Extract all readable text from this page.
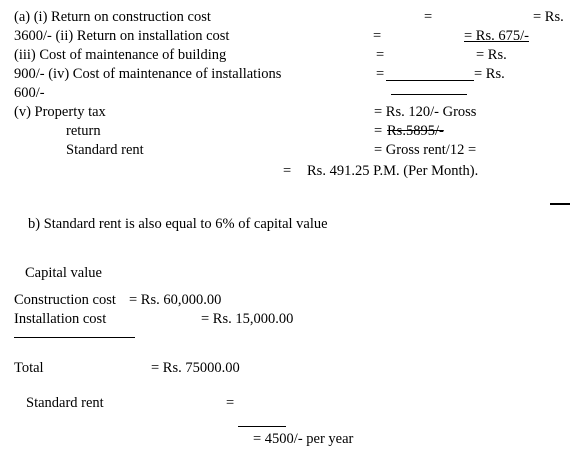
(a) (i) Return on construction cost	=	= Rs.
3600/- (ii) Return on installation cost	=	= Rs. 675/-
(iii) Cost of maintenance of building	=	= Rs.
900/- (iv) Cost of maintenance of installations	=	= Rs.
600/-
(v) Property tax	= Rs. 120/- Gross
return	= Rs.5895/-
Standard rent	= Gross rent/12 =
= Rs. 491.25 P.M. (Per Month).
b) Standard rent is also equal to 6% of capital value
Capital value
Construction cost = Rs. 60,000.00
Installation cost	= Rs. 15,000.00
Total	= Rs. 75000.00
Standard rent	=
= 4500/- per year
